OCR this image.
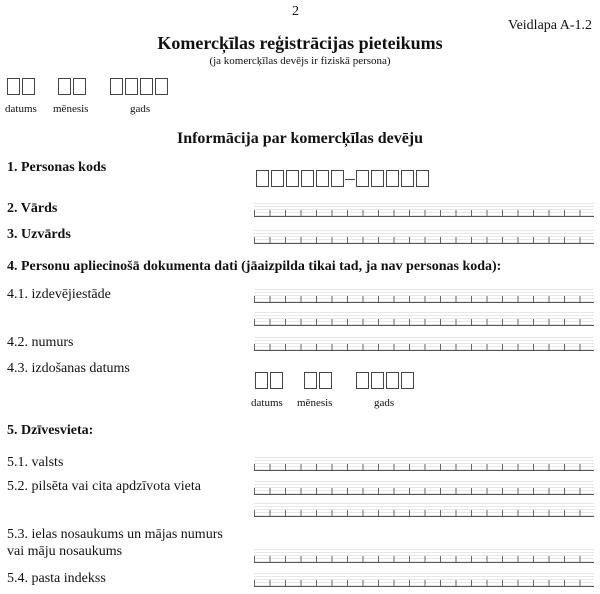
2
Veidlapa A-1.2
Komercķīlas reģistrācijas pieteikums
(ja komercķīlas devējs ir fiziskā persona)
datums mēnesis	gads
Informācija par komercķīlas devēju
1. Personas kods
2. Vārds
3. Uzvārds
4. Personu apliecinošā dokumenta dati (jāaizpilda tikai tad, ja nav personas koda):
4.1. izdevējiestāde
4.2. numurs
4.3. izdošanas datums
datums mēnesis	gads
5. Dzīvesvieta:
5.1. valsts
5.2. pilsēta vai cita apdzīvota vieta
5.3. ielas nosaukums un mājas numurs
vai māju nosaukums
5.4. pasta indekss
